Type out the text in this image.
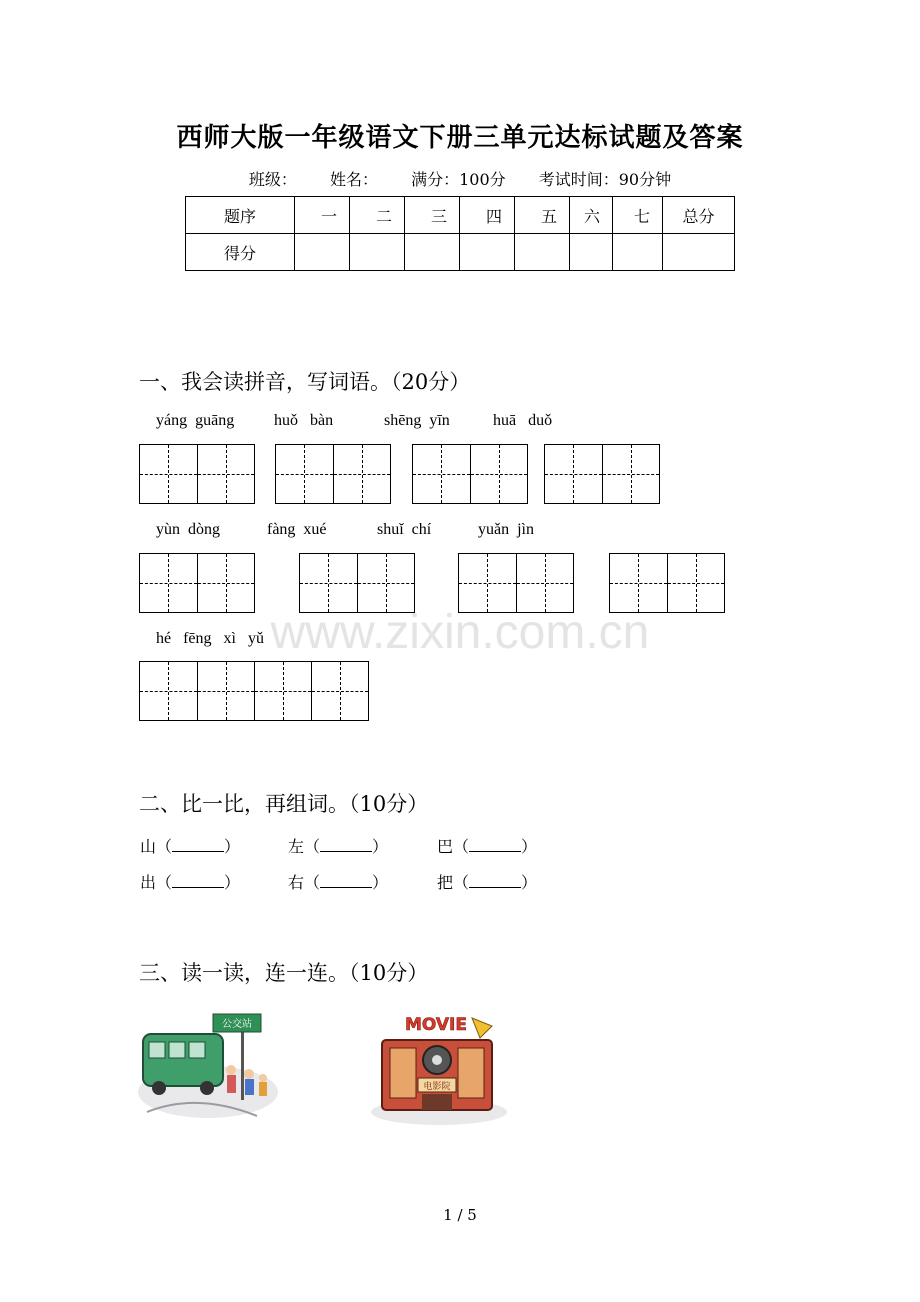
西师大版一年级语文下册三单元达标试题及答案
班级： 姓名： 满分：100分 考试时间：90分钟
题序	一	二	三	四	五	六	七	总分
得分								
www.zixin.com.cn
一、我会读拼音，写词语。（20分）
yáng  guāng huǒ   bàn	shēng  yīn	huā   duǒ
yùn  dòng	fàng  xué	shuǐ  chí	yuǎn  jìn
hé   fēng   xì   yǔ
二、比一比，再组词。（10分）
山（	）	左（	）	巴（	）
出（	）	右（	）	把（	）
三、读一读，连一连。（10分）
公交站	MOVIE
电影院
1 / 5
